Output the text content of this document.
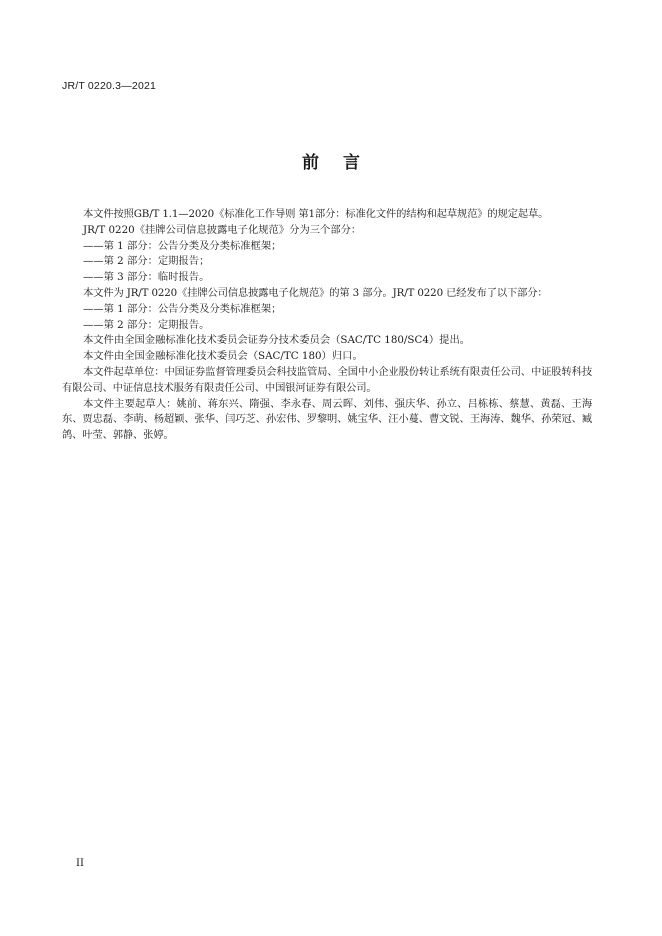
JR/T 0220.3—2021
前 言

本文件按照GB/T 1.1—2020《标准化工作导则 第1部分：标准化文件的结构和起草规范》的规定起草。

JR/T 0220《挂牌公司信息披露电子化规范》分为三个部分：

——第 1 部分：公告分类及分类标准框架；

——第 2 部分：定期报告；

——第 3 部分：临时报告。

本文件为 JR/T 0220《挂牌公司信息披露电子化规范》的第 3 部分。JR/T 0220 已经发布了以下部分：

——第 1 部分：公告分类及分类标准框架；

——第 2 部分：定期报告。

本文件由全国金融标准化技术委员会证券分技术委员会（SAC/TC 180/SC4）提出。

本文件由全国金融标准化技术委员会（SAC/TC 180）归口。

本文件起草单位：中国证券监督管理委员会科技监管局、全国中小企业股份转让系统有限责任公司、中证股转科技有限公司、中证信息技术服务有限责任公司、中国银河证券有限公司。

本文件主要起草人：姚前、蒋东兴、隋强、李永春、周云晖、刘伟、强庆华、孙立、吕栋栋、蔡慧、黄磊、王海东、贾忠磊、李萌、杨超颖、张华、闫巧芝、孙宏伟、罗黎明、姚宝华、汪小蔓、曹文锐、王海涛、魏华、孙荣冠、臧鸽、叶莹、郭静、张婷。

II
